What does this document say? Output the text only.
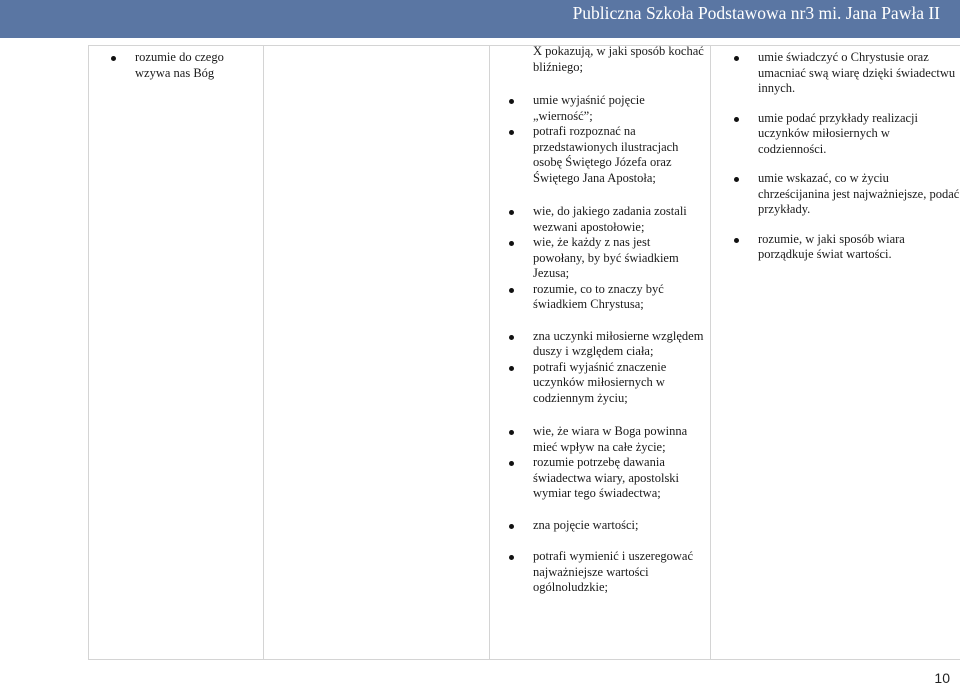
Publiczna Szkoła Podstawowa nr3 mi. Jana Pawła II
rozumie do czego wzywa nas Bóg
X pokazują, w jaki sposób kochać bliźniego;
umie wyjaśnić pojęcie „wierność”;
potrafi rozpoznać na przedstawionych ilustracjach osobę Świętego Józefa oraz Świętego Jana Apostoła;
wie, do jakiego zadania zostali wezwani apostołowie;
wie, że każdy z nas jest powołany, by być świadkiem Jezusa;
rozumie, co to znaczy być świadkiem Chrystusa;
zna uczynki miłosierne względem duszy i względem ciała;
potrafi wyjaśnić znaczenie uczynków miłosiernych w codziennym życiu;
wie, że wiara w Boga powinna mieć wpływ na całe życie;
rozumie potrzebę dawania świadectwa wiary, apostolski wymiar tego świadectwa;
zna pojęcie wartości;
potrafi wymienić i uszeregować najważniejsze wartości ogólnoludzkie;
umie świadczyć o Chrystusie oraz umacniać swą wiarę dzięki świadectwu innych.
umie podać przykłady realizacji uczynków miłosiernych w codzienności.
umie wskazać, co w życiu chrześcijanina jest najważniejsze, podać przykłady.
rozumie, w jaki sposób wiara porządkuje świat wartości.
10
